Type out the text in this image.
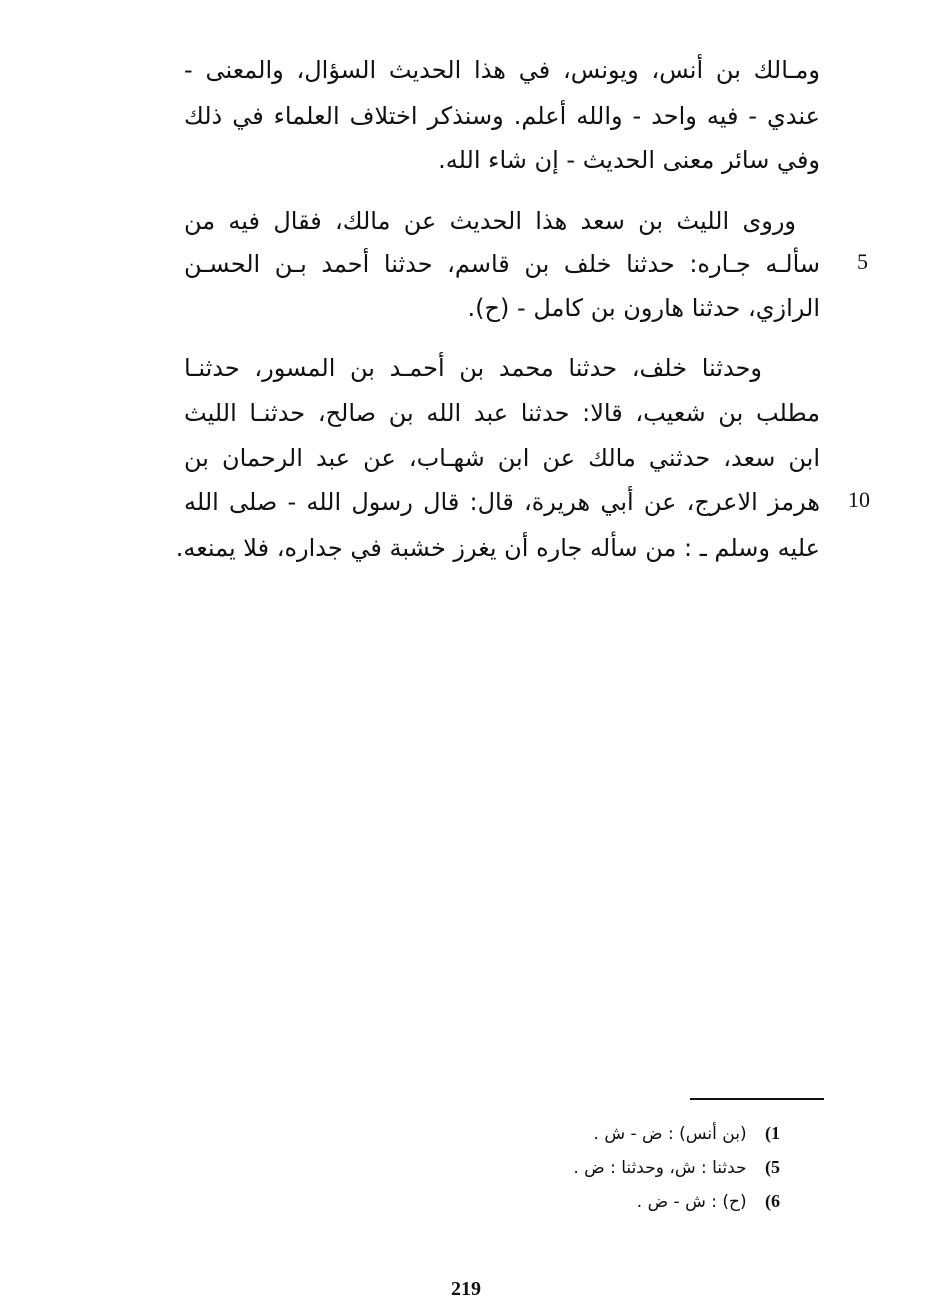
ومـالك بن أنس، ويونس، في هذا الحديث السؤال، والمعنى -
عندي - فيه واحد - والله أعلم. وسنذكر اختلاف العلماء في ذلك
وفي سائر معنى الحديث - إن شاء الله.
وروى الليث بن سعد هذا الحديث عن مالك، فقال فيه من
سألـه جـاره: حدثنا خلف بن قاسم، حدثنا أحمد بـن الحسـن
الرازي، حدثنا هارون بن كامل - (ح).
وحدثنا خلف، حدثنا محمد بن أحمـد بن المسور، حدثنـا
مطلب بن شعيب، قالا: حدثنا عبد الله بن صالح، حدثنـا الليث
ابن سعد، حدثني مالك عن ابن شهـاب، عن عبد الرحمان بن
هرمز الاعرج، عن أبي هريرة، قال: قال رسول الله - صلى الله
عليه وسلم ـ : من سأله جاره أن يغرز خشبة في جداره، فلا يمنعه.
5
10
1) (بن أنس) : ض - ش .
5) حدثنا : ش، وحدثنا : ض .
6) (ح) : ش - ض .
219
